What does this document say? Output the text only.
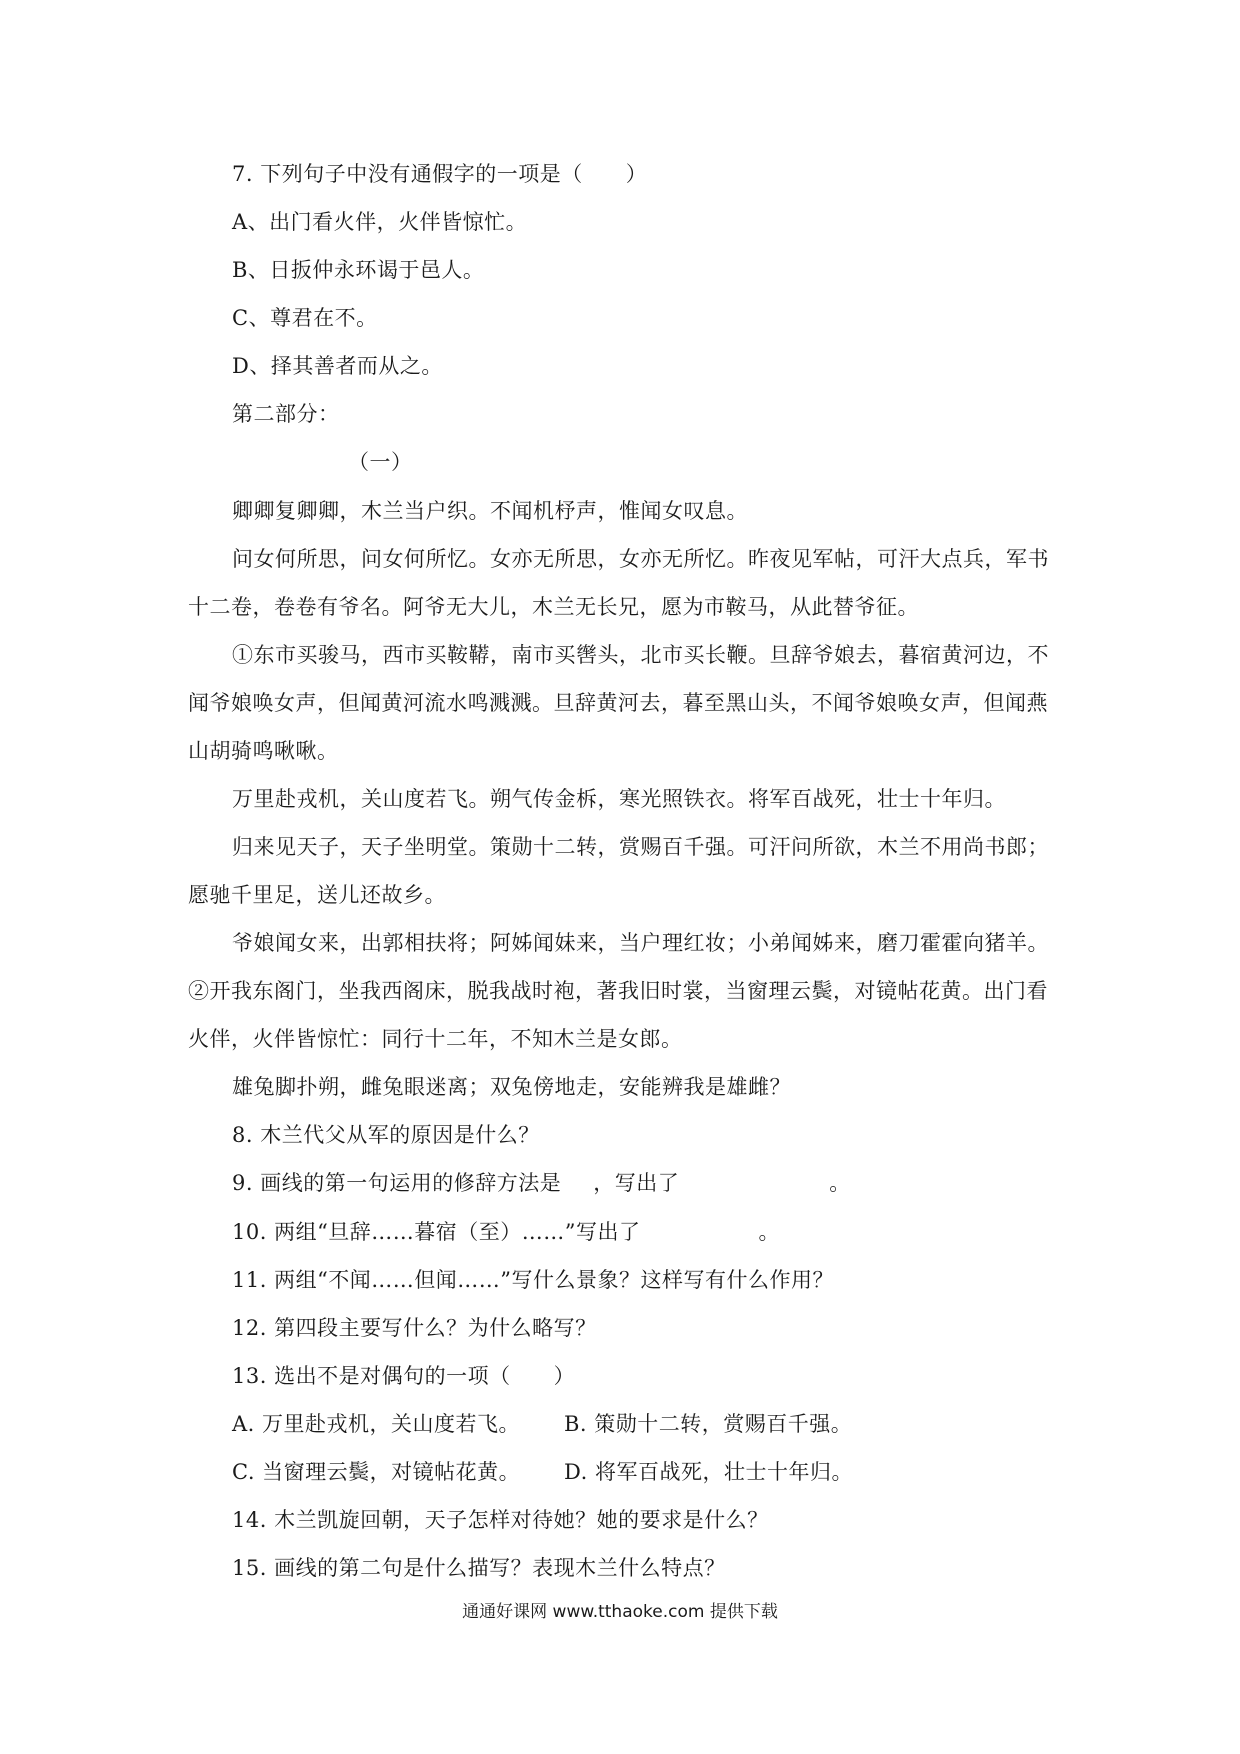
7. 下列句子中没有通假字的一项是（　　）
A、出门看火伴，火伴皆惊忙。
B、日扳仲永环谒于邑人。
C、尊君在不。
D、择其善者而从之。
第二部分：
（一）
卿卿复卿卿，木兰当户织。不闻机杼声，惟闻女叹息。
问女何所思，问女何所忆。女亦无所思，女亦无所忆。昨夜见军帖，可汗大点兵，军书
十二卷，卷卷有爷名。阿爷无大儿，木兰无长兄，愿为市鞍马，从此替爷征。
①东市买骏马，西市买鞍鞯，南市买辔头，北市买长鞭。旦辞爷娘去，暮宿黄河边，不
闻爷娘唤女声，但闻黄河流水鸣溅溅。旦辞黄河去，暮至黑山头，不闻爷娘唤女声，但闻燕
山胡骑鸣啾啾。
万里赴戎机，关山度若飞。朔气传金柝，寒光照铁衣。将军百战死，壮士十年归。
归来见天子，天子坐明堂。策勋十二转，赏赐百千强。可汗问所欲，木兰不用尚书郎；
愿驰千里足，送儿还故乡。
爷娘闻女来，出郭相扶将；阿姊闻妹来，当户理红妆；小弟闻姊来，磨刀霍霍向猪羊。
②开我东阁门，坐我西阁床，脱我战时袍，著我旧时裳，当窗理云鬓，对镜帖花黄。出门看
火伴，火伴皆惊忙：同行十二年，不知木兰是女郎。
雄兔脚扑朔，雌兔眼迷离；双兔傍地走，安能辨我是雄雌？
8. 木兰代父从军的原因是什么？
9. 画线的第一句运用的修辞方法是 ，写出了	。
10. 两组“旦辞……暮宿（至）……”写出了	。
11. 两组“不闻……但闻……”写什么景象？这样写有什么作用？
12. 第四段主要写什么？为什么略写？
13. 选出不是对偶句的一项（　　）
A. 万里赴戎机，关山度若飞。 B. 策勋十二转，赏赐百千强。
C. 当窗理云鬓，对镜帖花黄。 D. 将军百战死，壮士十年归。
14. 木兰凯旋回朝，天子怎样对待她？她的要求是什么？
15. 画线的第二句是什么描写？表现木兰什么特点？
通通好课网 www.tthaoke.com 提供下载
